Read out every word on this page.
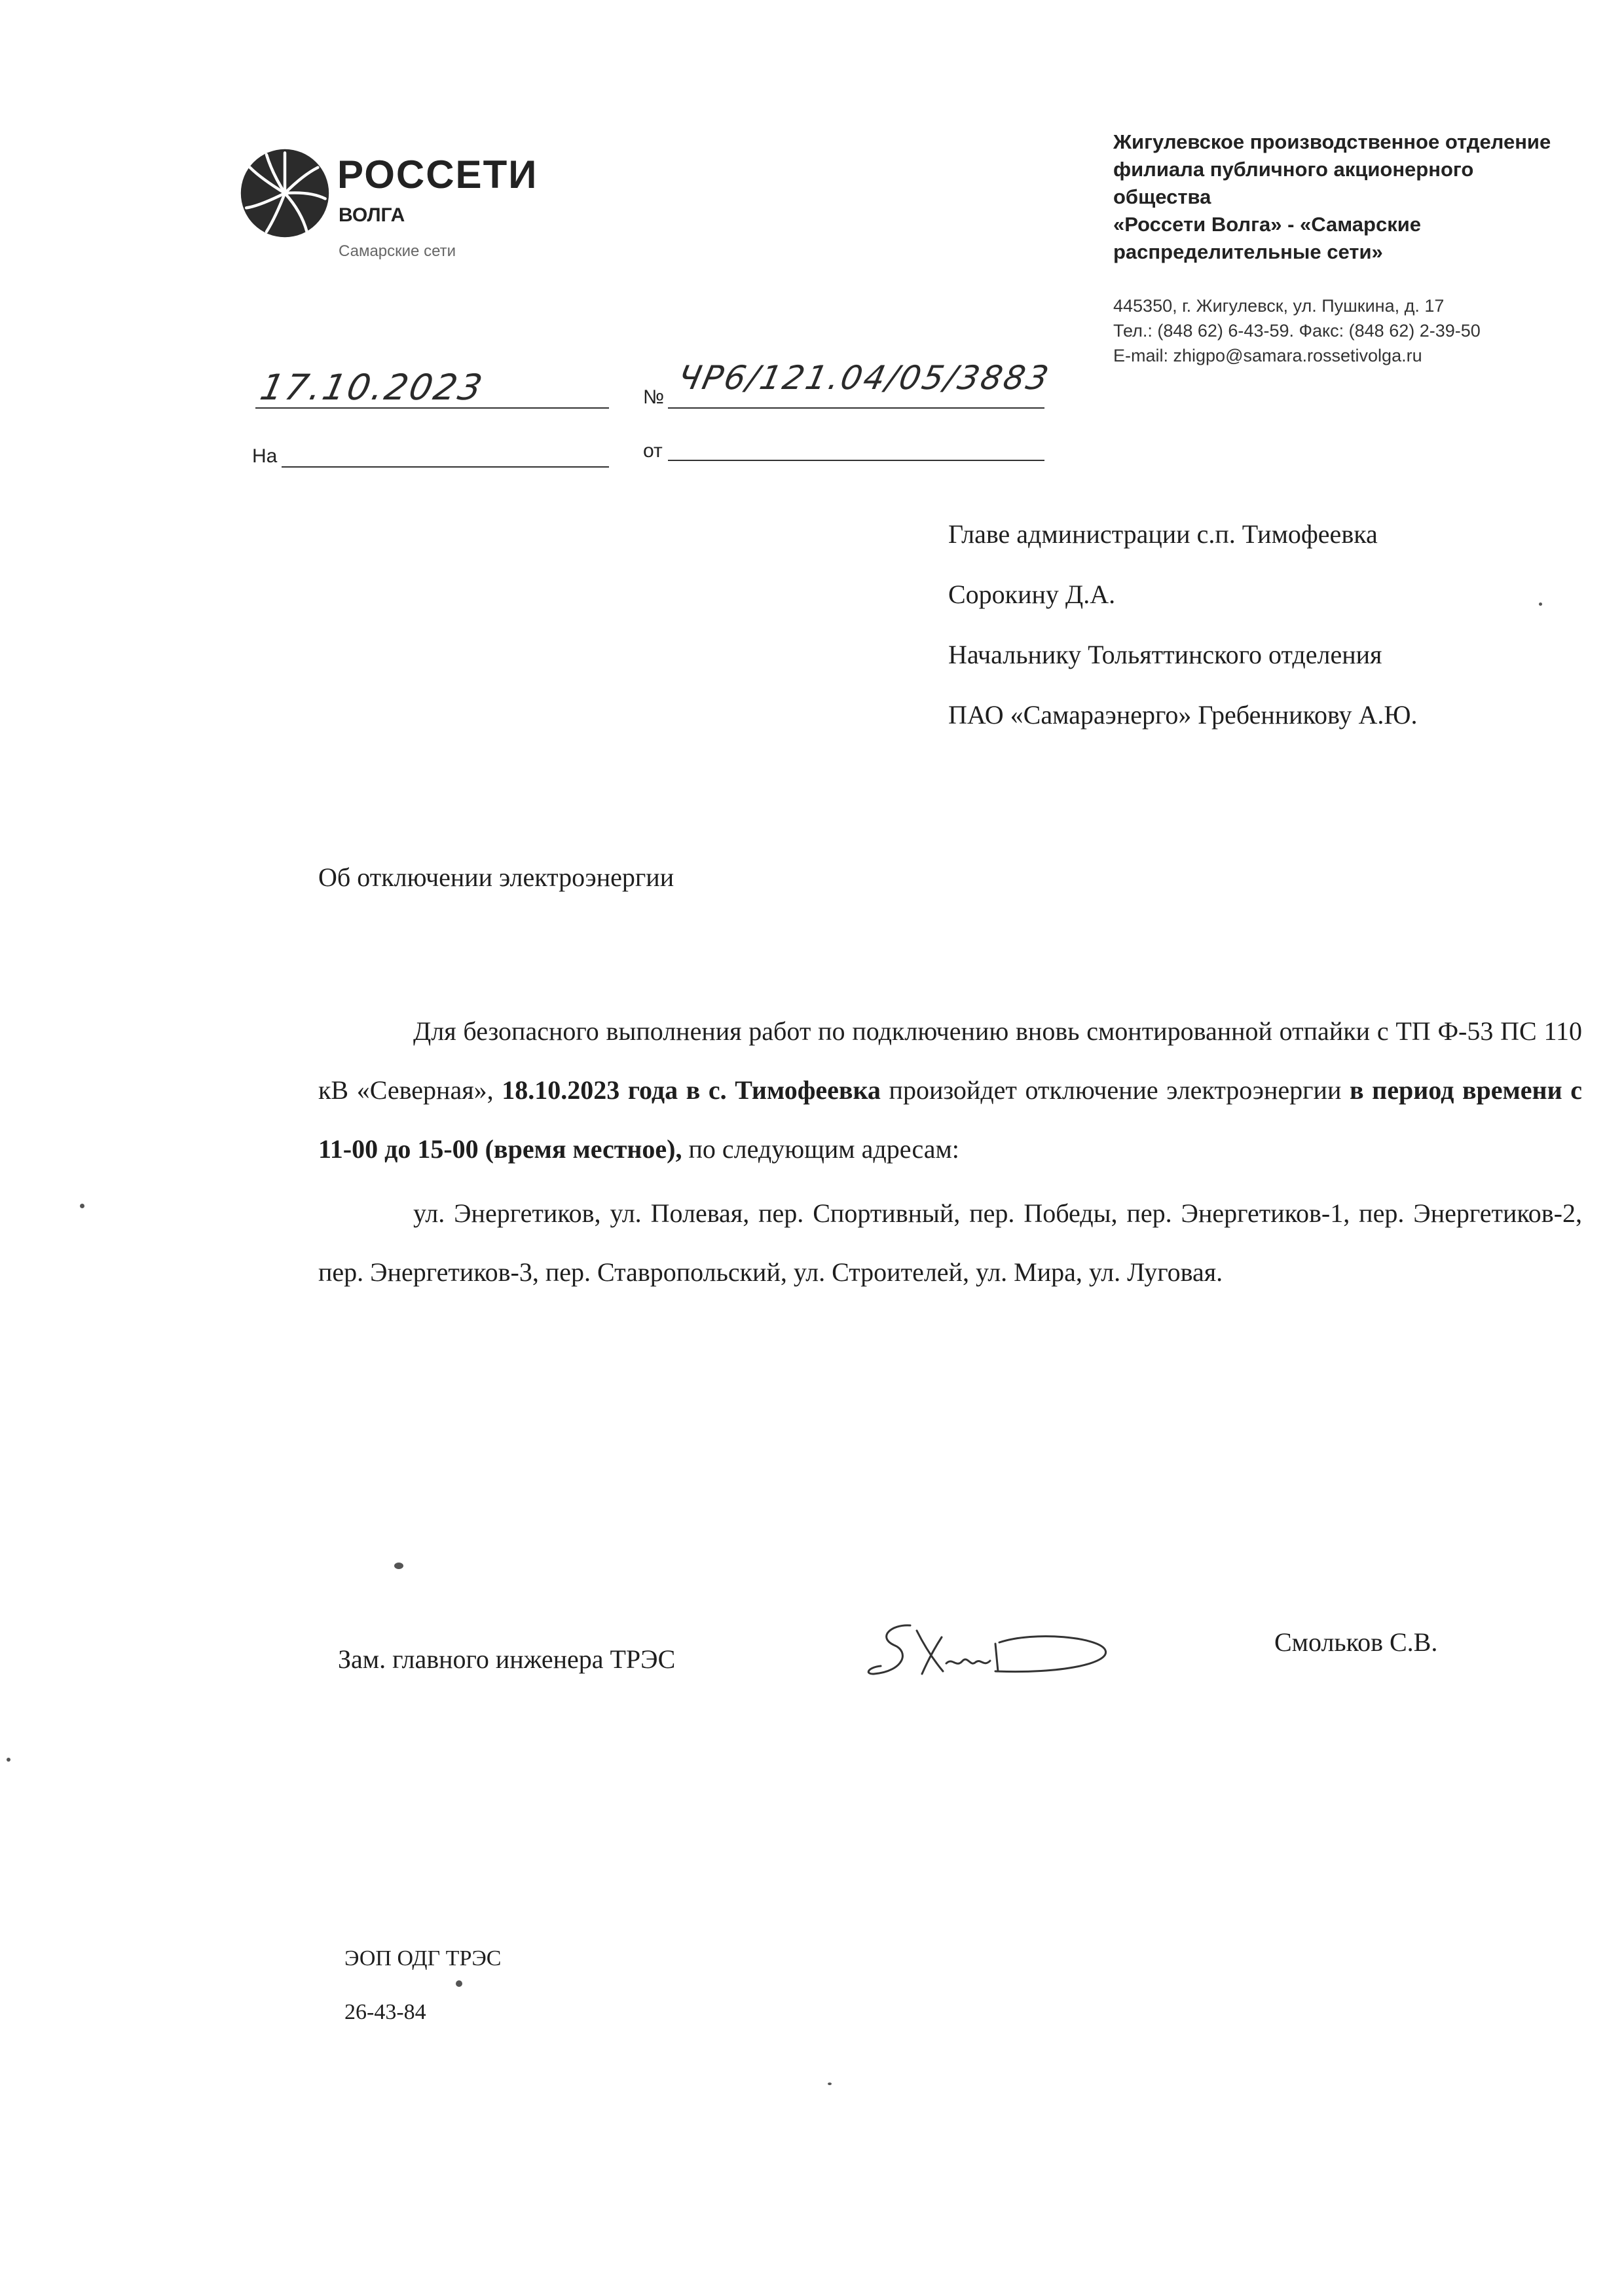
РОССЕТИ
ВОЛГА
Самарские сети
Жигулевское производственное отделение
филиала публичного акционерного общества
«Россети Волга» - «Самарские
распределительные сети»
445350, г. Жигулевск, ул. Пушкина, д. 17
Тел.: (848 62) 6-43-59. Факс: (848 62) 2-39-50
E-mail: zhigpo@samara.rossetivolga.ru
17.10.2023	№
ЧР6/121.04/05/3883
На	от
Главе администрации с.п. Тимофеевка
Сорокину Д.А.
Начальнику Тольяттинского отделения
ПАО «Самараэнерго» Гребенникову А.Ю.
Об отключении электроэнергии

Для безопасного выполнения работ по подключению вновь смонтированной отпайки с ТП Ф-53 ПС 110 кВ «Северная», 18.10.2023 года в с. Тимофеевка произойдет отключение электроэнергии в период времени с 11-00 до 15-00 (время местное), по следующим адресам:

ул. Энергетиков, ул. Полевая, пер. Спортивный, пер. Победы, пер. Энергетиков-1, пер. Энергетиков-2, пер. Энергетиков-3, пер. Ставропольский, ул. Строителей, ул. Мира, ул. Луговая.

Зам. главного инженера ТРЭС
Смольков С.В.
ЭОП ОДГ ТРЭС
26-43-84
